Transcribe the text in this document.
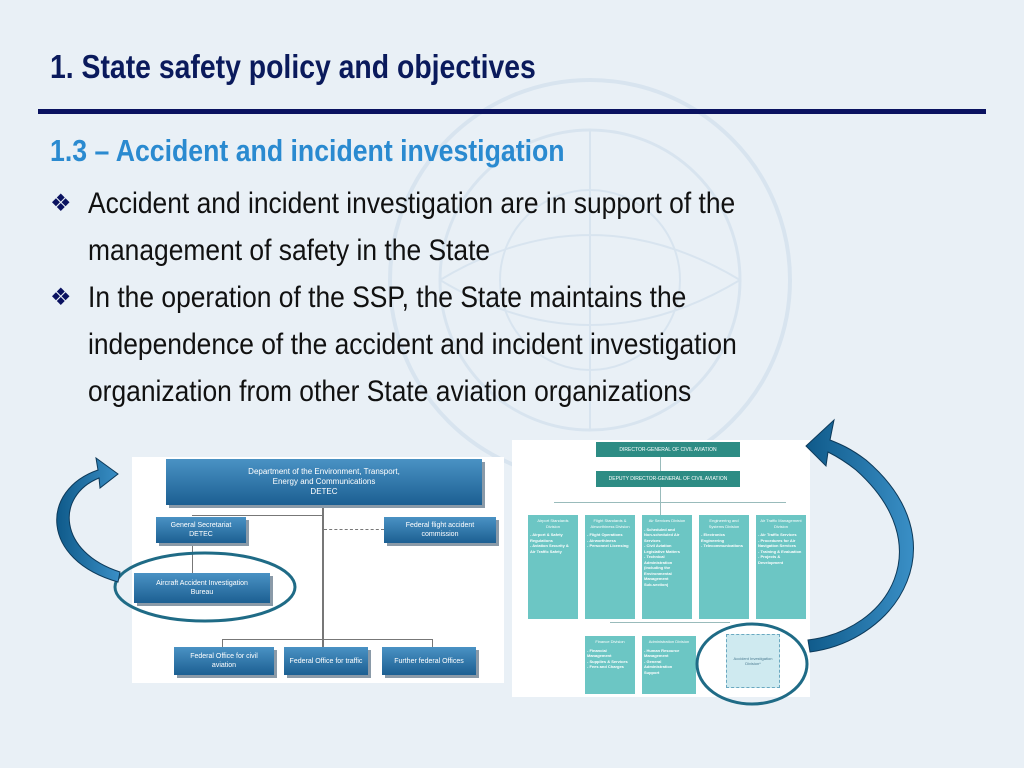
1. State safety policy and objectives
1.3 – Accident and incident investigation
❖ Accident and incident investigation are in support of the
management of safety in the State
❖ In the operation of the SSP, the State maintains the
independence of the accident and incident investigation
organization from other State aviation organizations
Department of the Environment, Transport,
Energy and Communications
DETEC
General Secretariat
DETEC
Federal flight accident
commission
Aircraft Accident Investigation
Bureau
Federal Office for civil
aviation
Federal Office for traffic	Further federal Offices
DIRECTOR-GENERAL OF CIVIL AVIATION
DEPUTY DIRECTOR-GENERAL OF CIVIL AVIATION
Airport Standards
Division
- Airport & Safety
Regulations
- Aviation Security &
Air Traffic Safety
Flight Standards &
Airworthiness Division
- Flight Operations
- Airworthiness
- Personnel Licensing
Air Services Division
- Scheduled and
Non-scheduled Air
Services
- Civil Aviation
Legislative Matters
- Technical
Administration
(including the
Environmental
Management
Sub-section)
Engineering and
Systems Division
- Electronics
Engineering
- Telecommunications
Air Traffic Management
Division
- Air Traffic Services
- Procedures for Air
Navigation Services
- Training & Evaluation
- Projects &
Development
Finance Division
- Financial
Management
- Supplies & Services
- Fees and Charges
Administration Division
- Human Resource
Management
- General
Administration
Support
Accident Investigation
Division*
